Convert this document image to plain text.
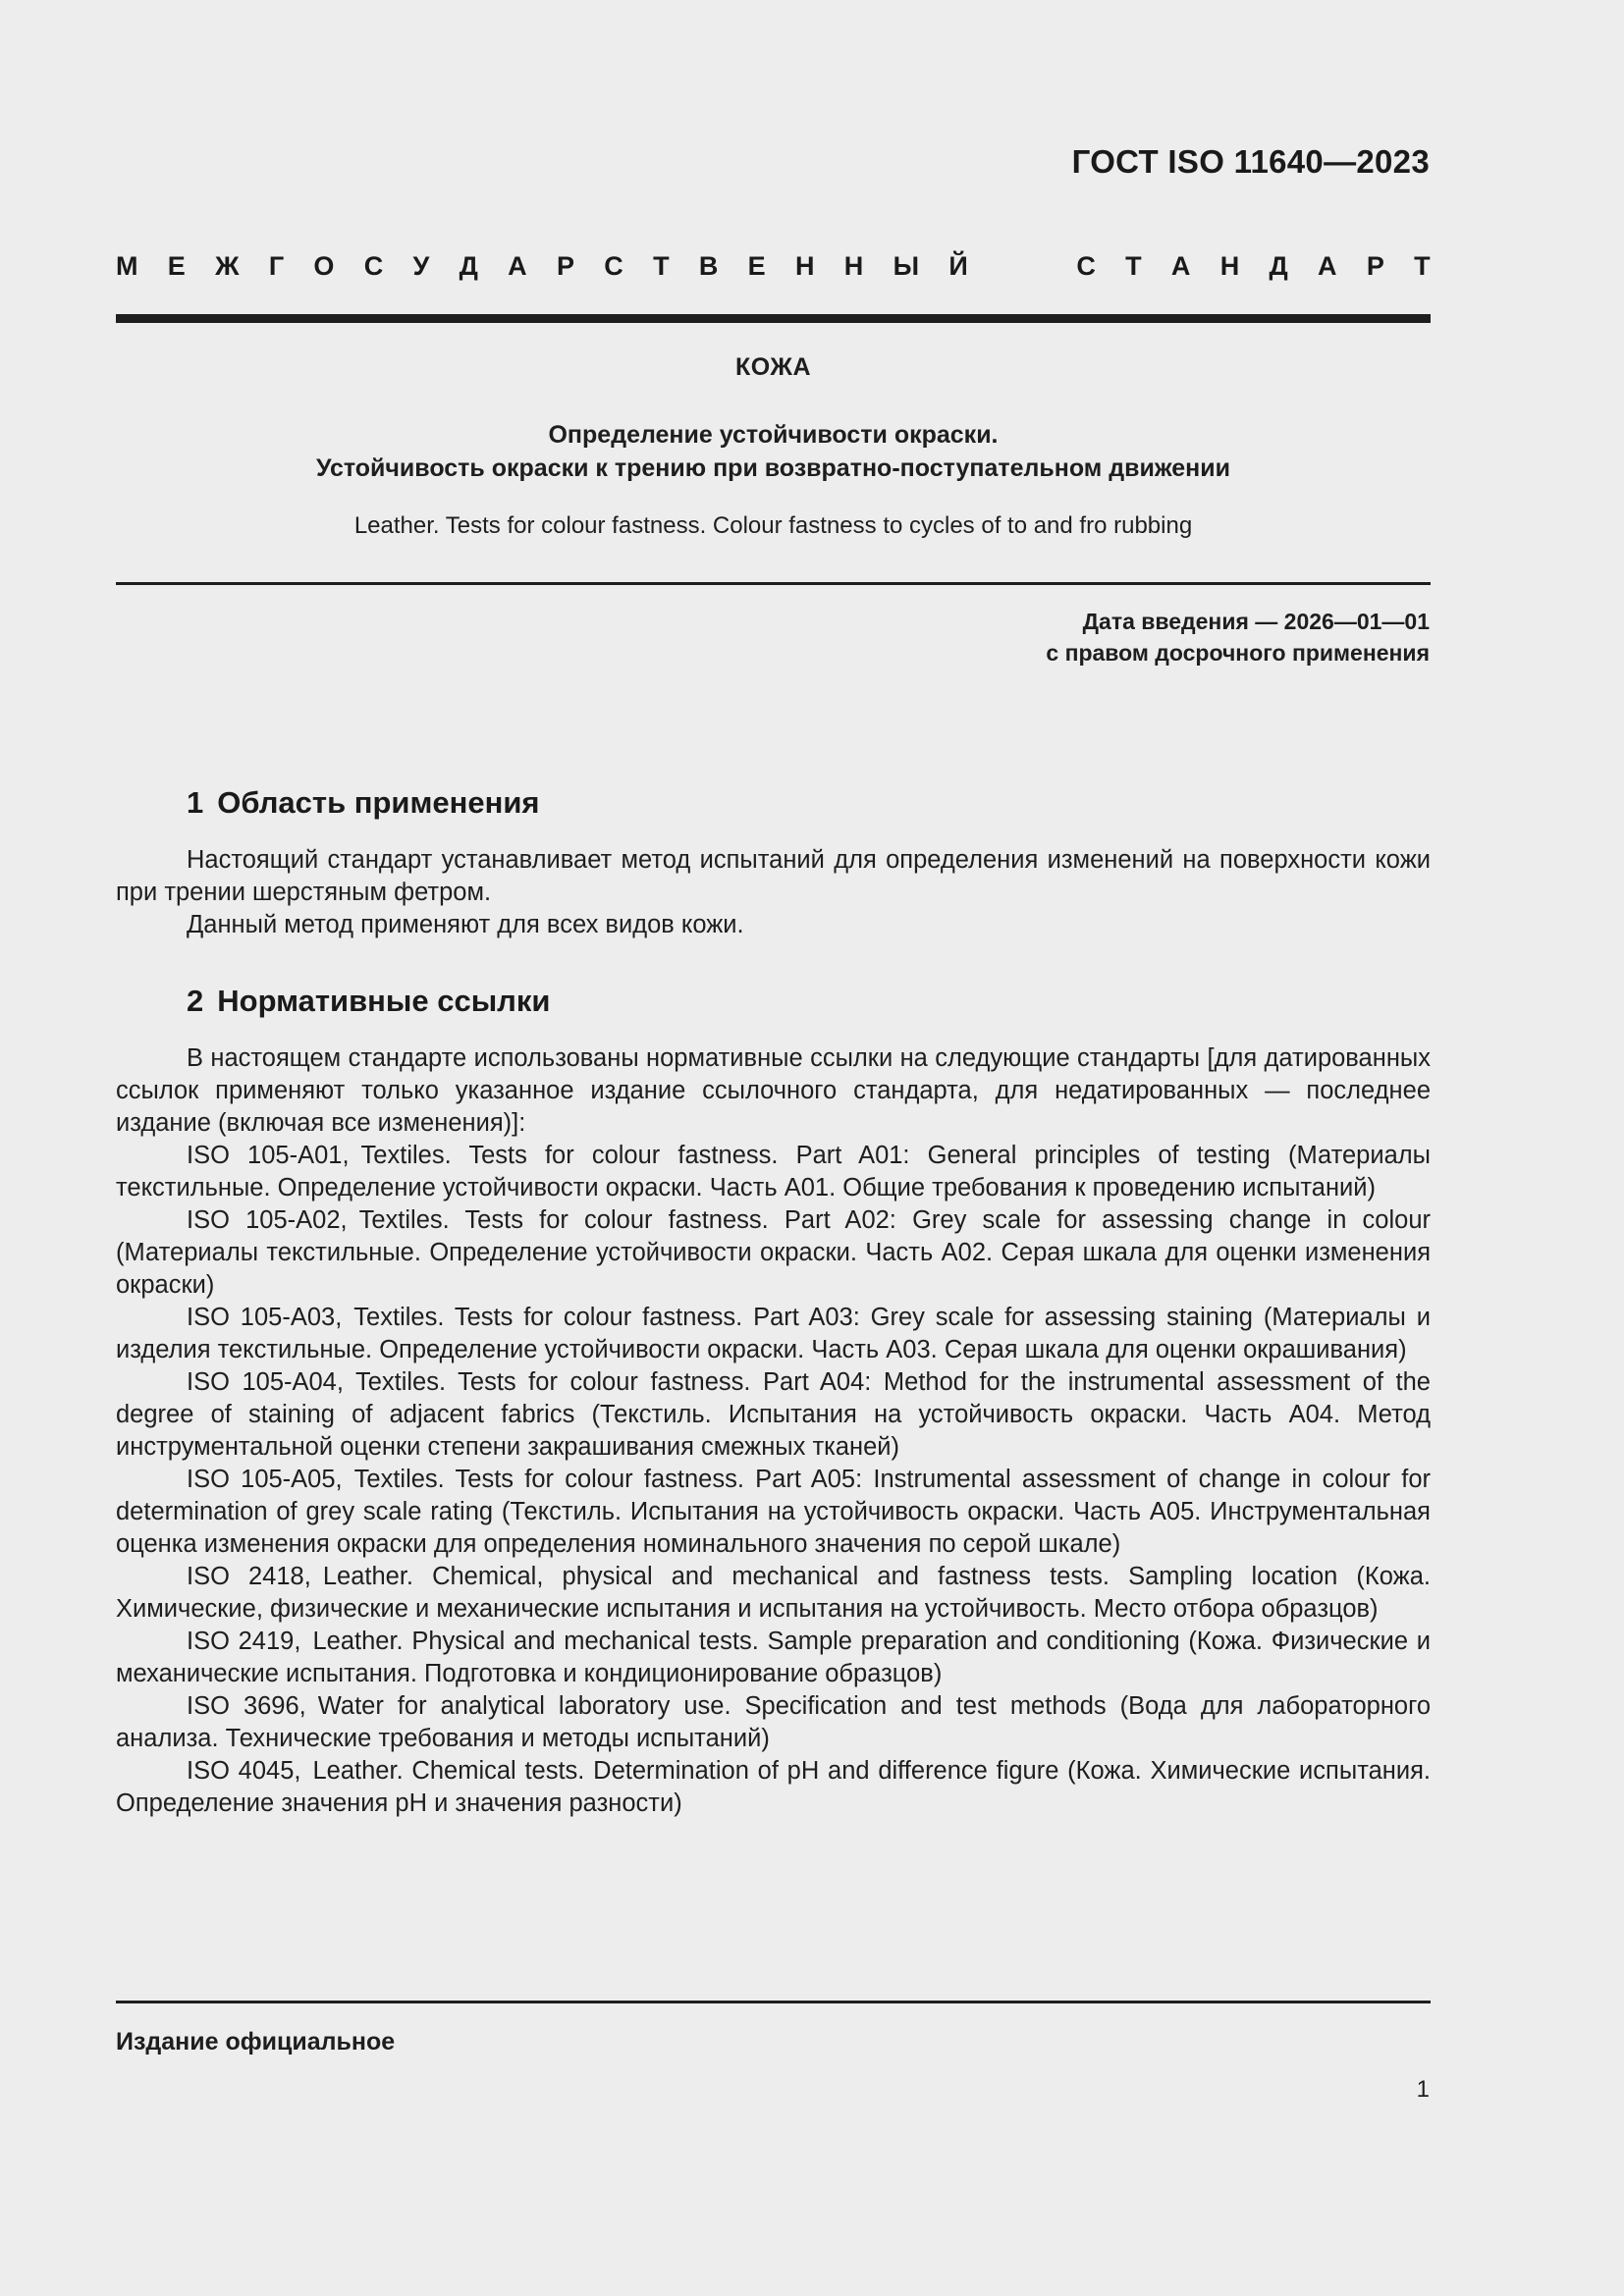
ГОСТ ISO 11640—2023
М Е Ж Г О С У Д А Р С Т В Е Н Н Ы Й	С Т А Н Д А Р Т
КОЖА
Определение устойчивости окраски.
Устойчивость окраски к трению при возвратно-поступательном движении
Leather. Tests for colour fastness. Colour fastness to cycles of to and fro rubbing
Дата введения — 2026—01—01
с правом досрочного применения
1 Область применения

Настоящий стандарт устанавливает метод испытаний для определения изменений на поверхности кожи при трении шерстяным фетром.

Данный метод применяют для всех видов кожи.

2 Нормативные ссылки

В настоящем стандарте использованы нормативные ссылки на следующие стандарты [для датированных ссылок применяют только указанное издание ссылочного стандарта, для недатированных — последнее издание (включая все изменения)]:

ISO 105-A01, Textiles. Tests for colour fastness. Part A01: General principles of testing (Материалы текстильные. Определение устойчивости окраски. Часть A01. Общие требования к проведению испытаний)

ISO 105-A02, Textiles. Tests for colour fastness. Part A02: Grey scale for assessing change in colour (Материалы текстильные. Определение устойчивости окраски. Часть A02. Серая шкала для оценки изменения окраски)

ISO 105-A03, Textiles. Tests for colour fastness. Part A03: Grey scale for assessing staining (Материалы и изделия текстильные. Определение устойчивости окраски. Часть A03. Серая шкала для оценки окрашивания)

ISO 105-A04, Textiles. Tests for colour fastness. Part A04: Method for the instrumental assessment of the degree of staining of adjacent fabrics (Текстиль. Испытания на устойчивость окраски. Часть A04. Метод инструментальной оценки степени закрашивания смежных тканей)

ISO 105-A05, Textiles. Tests for colour fastness. Part A05: Instrumental assessment of change in colour for determination of grey scale rating (Текстиль. Испытания на устойчивость окраски. Часть A05. Инструментальная оценка изменения окраски для определения номинального значения по серой шкале)

ISO 2418, Leather. Chemical, physical and mechanical and fastness tests. Sampling location (Кожа. Химические, физические и механические испытания и испытания на устойчивость. Место отбора образцов)

ISO 2419, Leather. Physical and mechanical tests. Sample preparation and conditioning (Кожа. Физические и механические испытания. Подготовка и кондиционирование образцов)

ISO 3696, Water for analytical laboratory use. Specification and test methods (Вода для лабораторного анализа. Технические требования и методы испытаний)

ISO 4045, Leather. Chemical tests. Determination of pH and difference figure (Кожа. Химические испытания. Определение значения pH и значения разности)

Издание официальное
1
